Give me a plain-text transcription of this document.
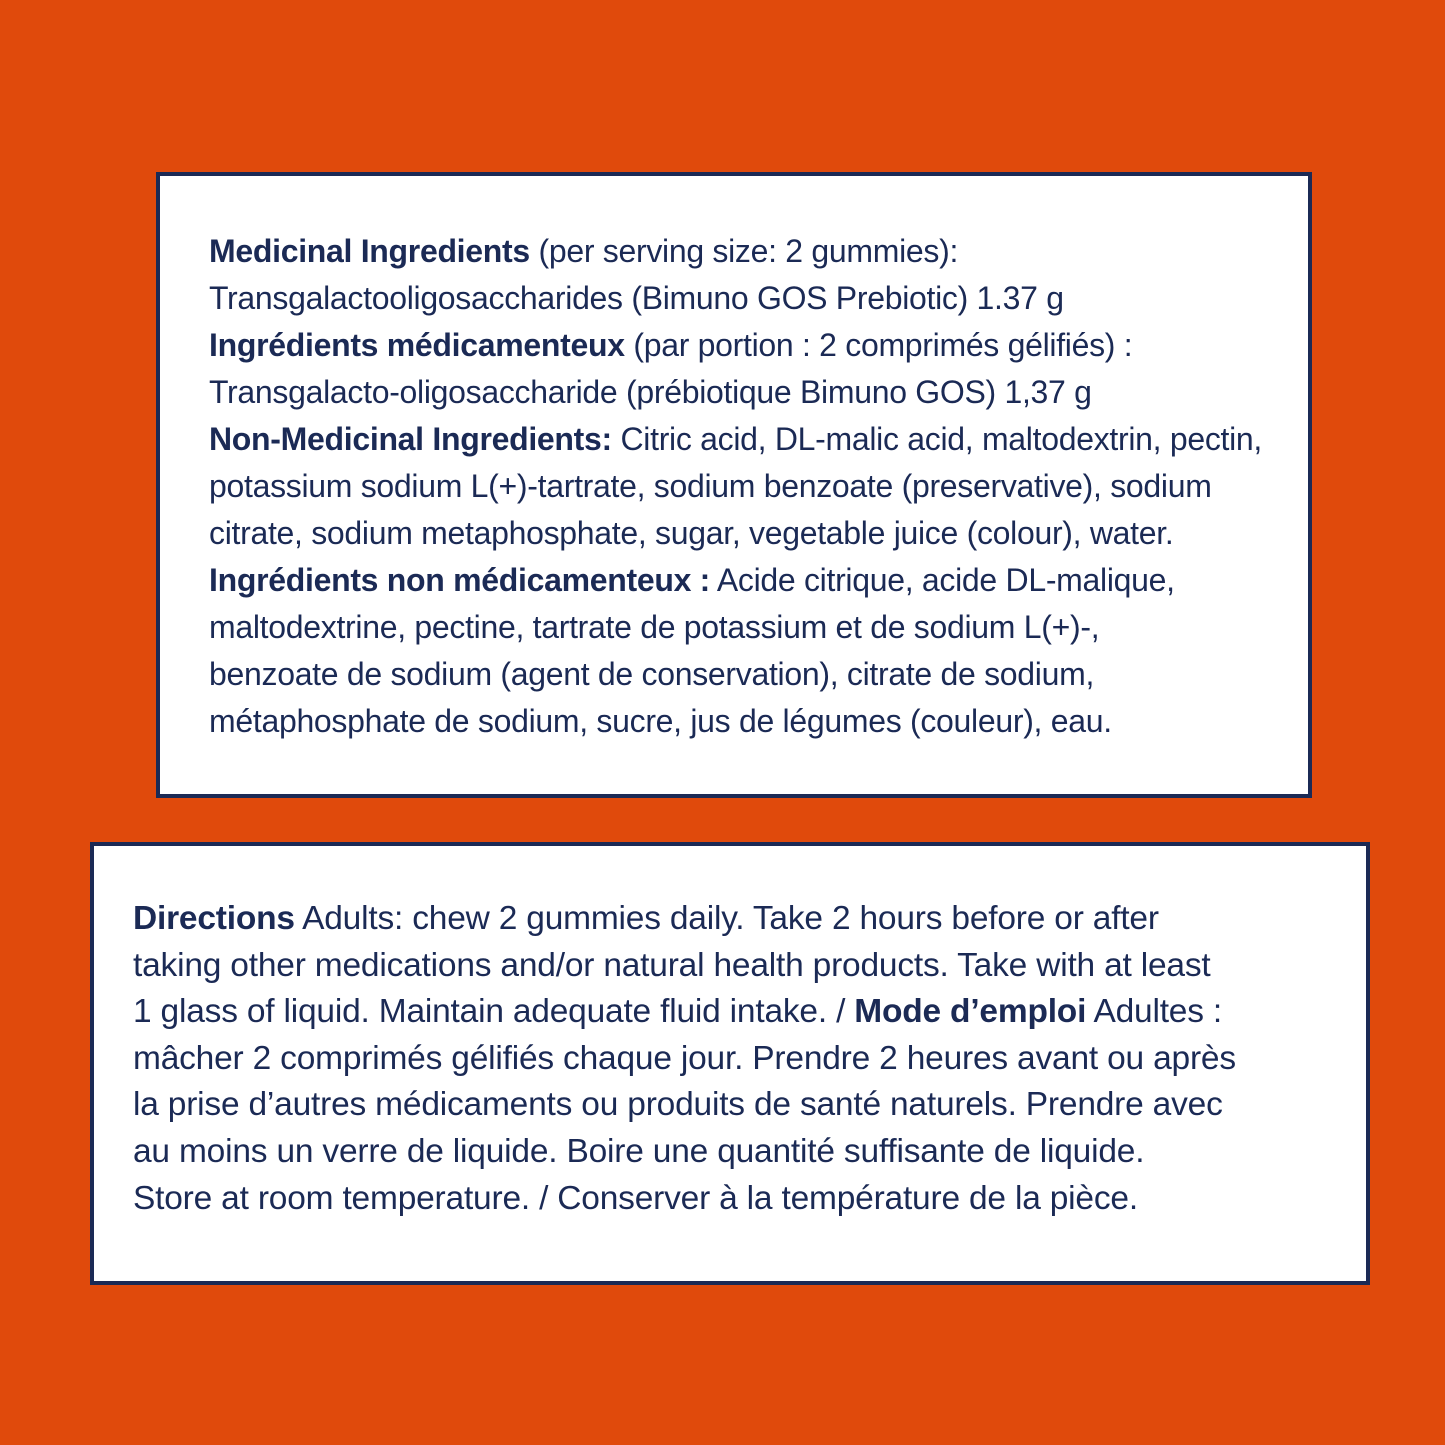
Medicinal Ingredients (per serving size: 2 gummies):

Transgalactooligosaccharides (Bimuno GOS Prebiotic) 1.37 g

Ingrédients médicamenteux (par portion : 2 comprimés gélifiés) :

Transgalacto-oligosaccharide (prébiotique Bimuno GOS) 1,37 g

Non-Medicinal Ingredients: Citric acid, DL-malic acid, maltodextrin, pectin,

potassium sodium L(+)-tartrate, sodium benzoate (preservative), sodium

citrate, sodium metaphosphate, sugar, vegetable juice (colour), water.

Ingrédients non médicamenteux : Acide citrique, acide DL-malique,

maltodextrine, pectine, tartrate de potassium et de sodium L(+)-,

benzoate de sodium (agent de conservation), citrate de sodium,

métaphosphate de sodium, sucre, jus de légumes (couleur), eau.

Directions Adults: chew 2 gummies daily. Take 2 hours before or after

taking other medications and/or natural health products. Take with at least

1 glass of liquid. Maintain adequate fluid intake. / Mode d’emploi Adultes :

mâcher 2 comprimés gélifiés chaque jour. Prendre 2 heures avant ou après

la prise d’autres médicaments ou produits de santé naturels. Prendre avec

au moins un verre de liquide. Boire une quantité suffisante de liquide.

Store at room temperature. / Conserver à la température de la pièce.
